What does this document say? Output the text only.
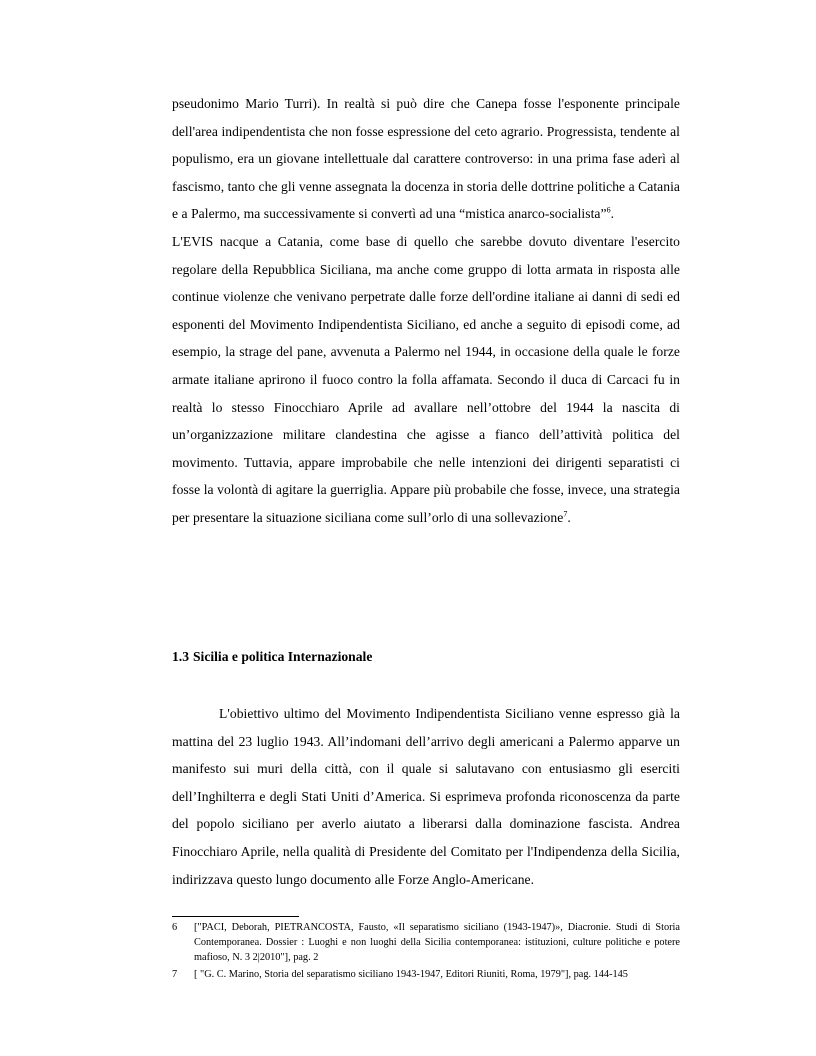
pseudonimo Mario Turri). In realtà si può dire che Canepa fosse l'esponente principale dell'area indipendentista che non fosse espressione del ceto agrario. Progressista, tendente al populismo, era un giovane intellettuale dal carattere controverso: in una prima fase aderì al fascismo, tanto che gli venne assegnata la docenza in storia delle dottrine politiche a Catania e a Palermo, ma successivamente si convertì ad una “mistica anarco-socialista”$^6$.

L'EVIS nacque a Catania, come base di quello che sarebbe dovuto diventare l'esercito regolare della Repubblica Siciliana, ma anche come gruppo di lotta armata in risposta alle continue violenze che venivano perpetrate dalle forze dell'ordine italiane ai danni di sedi ed esponenti del Movimento Indipendentista Siciliano, ed anche a seguito di episodi come, ad esempio, la strage del pane, avvenuta a Palermo nel 1944, in occasione della quale le forze armate italiane aprirono il fuoco contro la folla affamata. Secondo il duca di Carcaci fu in realtà lo stesso Finocchiaro Aprile ad avallare nell’ottobre del 1944 la nascita di un’organizzazione militare clandestina che agisse a fianco dell’attività politica del movimento. Tuttavia, appare improbabile che nelle intenzioni dei dirigenti separatisti ci fosse la volontà di agitare la guerriglia. Appare più probabile che fosse, invece, una strategia per presentare la situazione siciliana come sull’orlo di una sollevazione$^7$.

1.3 Sicilia e politica Internazionale

L'obiettivo ultimo del Movimento Indipendentista Siciliano venne espresso già la mattina del 23 luglio 1943. All’indomani dell’arrivo degli americani a Palermo apparve un manifesto sui muri della città, con il quale si salutavano con entusiasmo gli eserciti dell’Inghilterra e degli Stati Uniti d’America. Si esprimeva profonda riconoscenza da parte del popolo siciliano per averlo aiutato a liberarsi dalla dominazione fascista. Andrea Finocchiaro Aprile, nella qualità di Presidente del Comitato per l'Indipendenza della Sicilia, indirizzava questo lungo documento alle Forze Anglo-Americane.

6	["PACI, Deborah, PIETRANCOSTA, Fausto, «Il separatismo siciliano (1943-1947)», Diacronie. Studi di Storia Contemporanea. Dossier : Luoghi e non luoghi della Sicilia contemporanea: istituzioni, culture politiche e potere mafioso, N. 3 2|2010"], pag. 2
7	[ "G. C. Marino, Storia del separatismo siciliano 1943-1947, Editori Riuniti, Roma, 1979"], pag. 144-145
